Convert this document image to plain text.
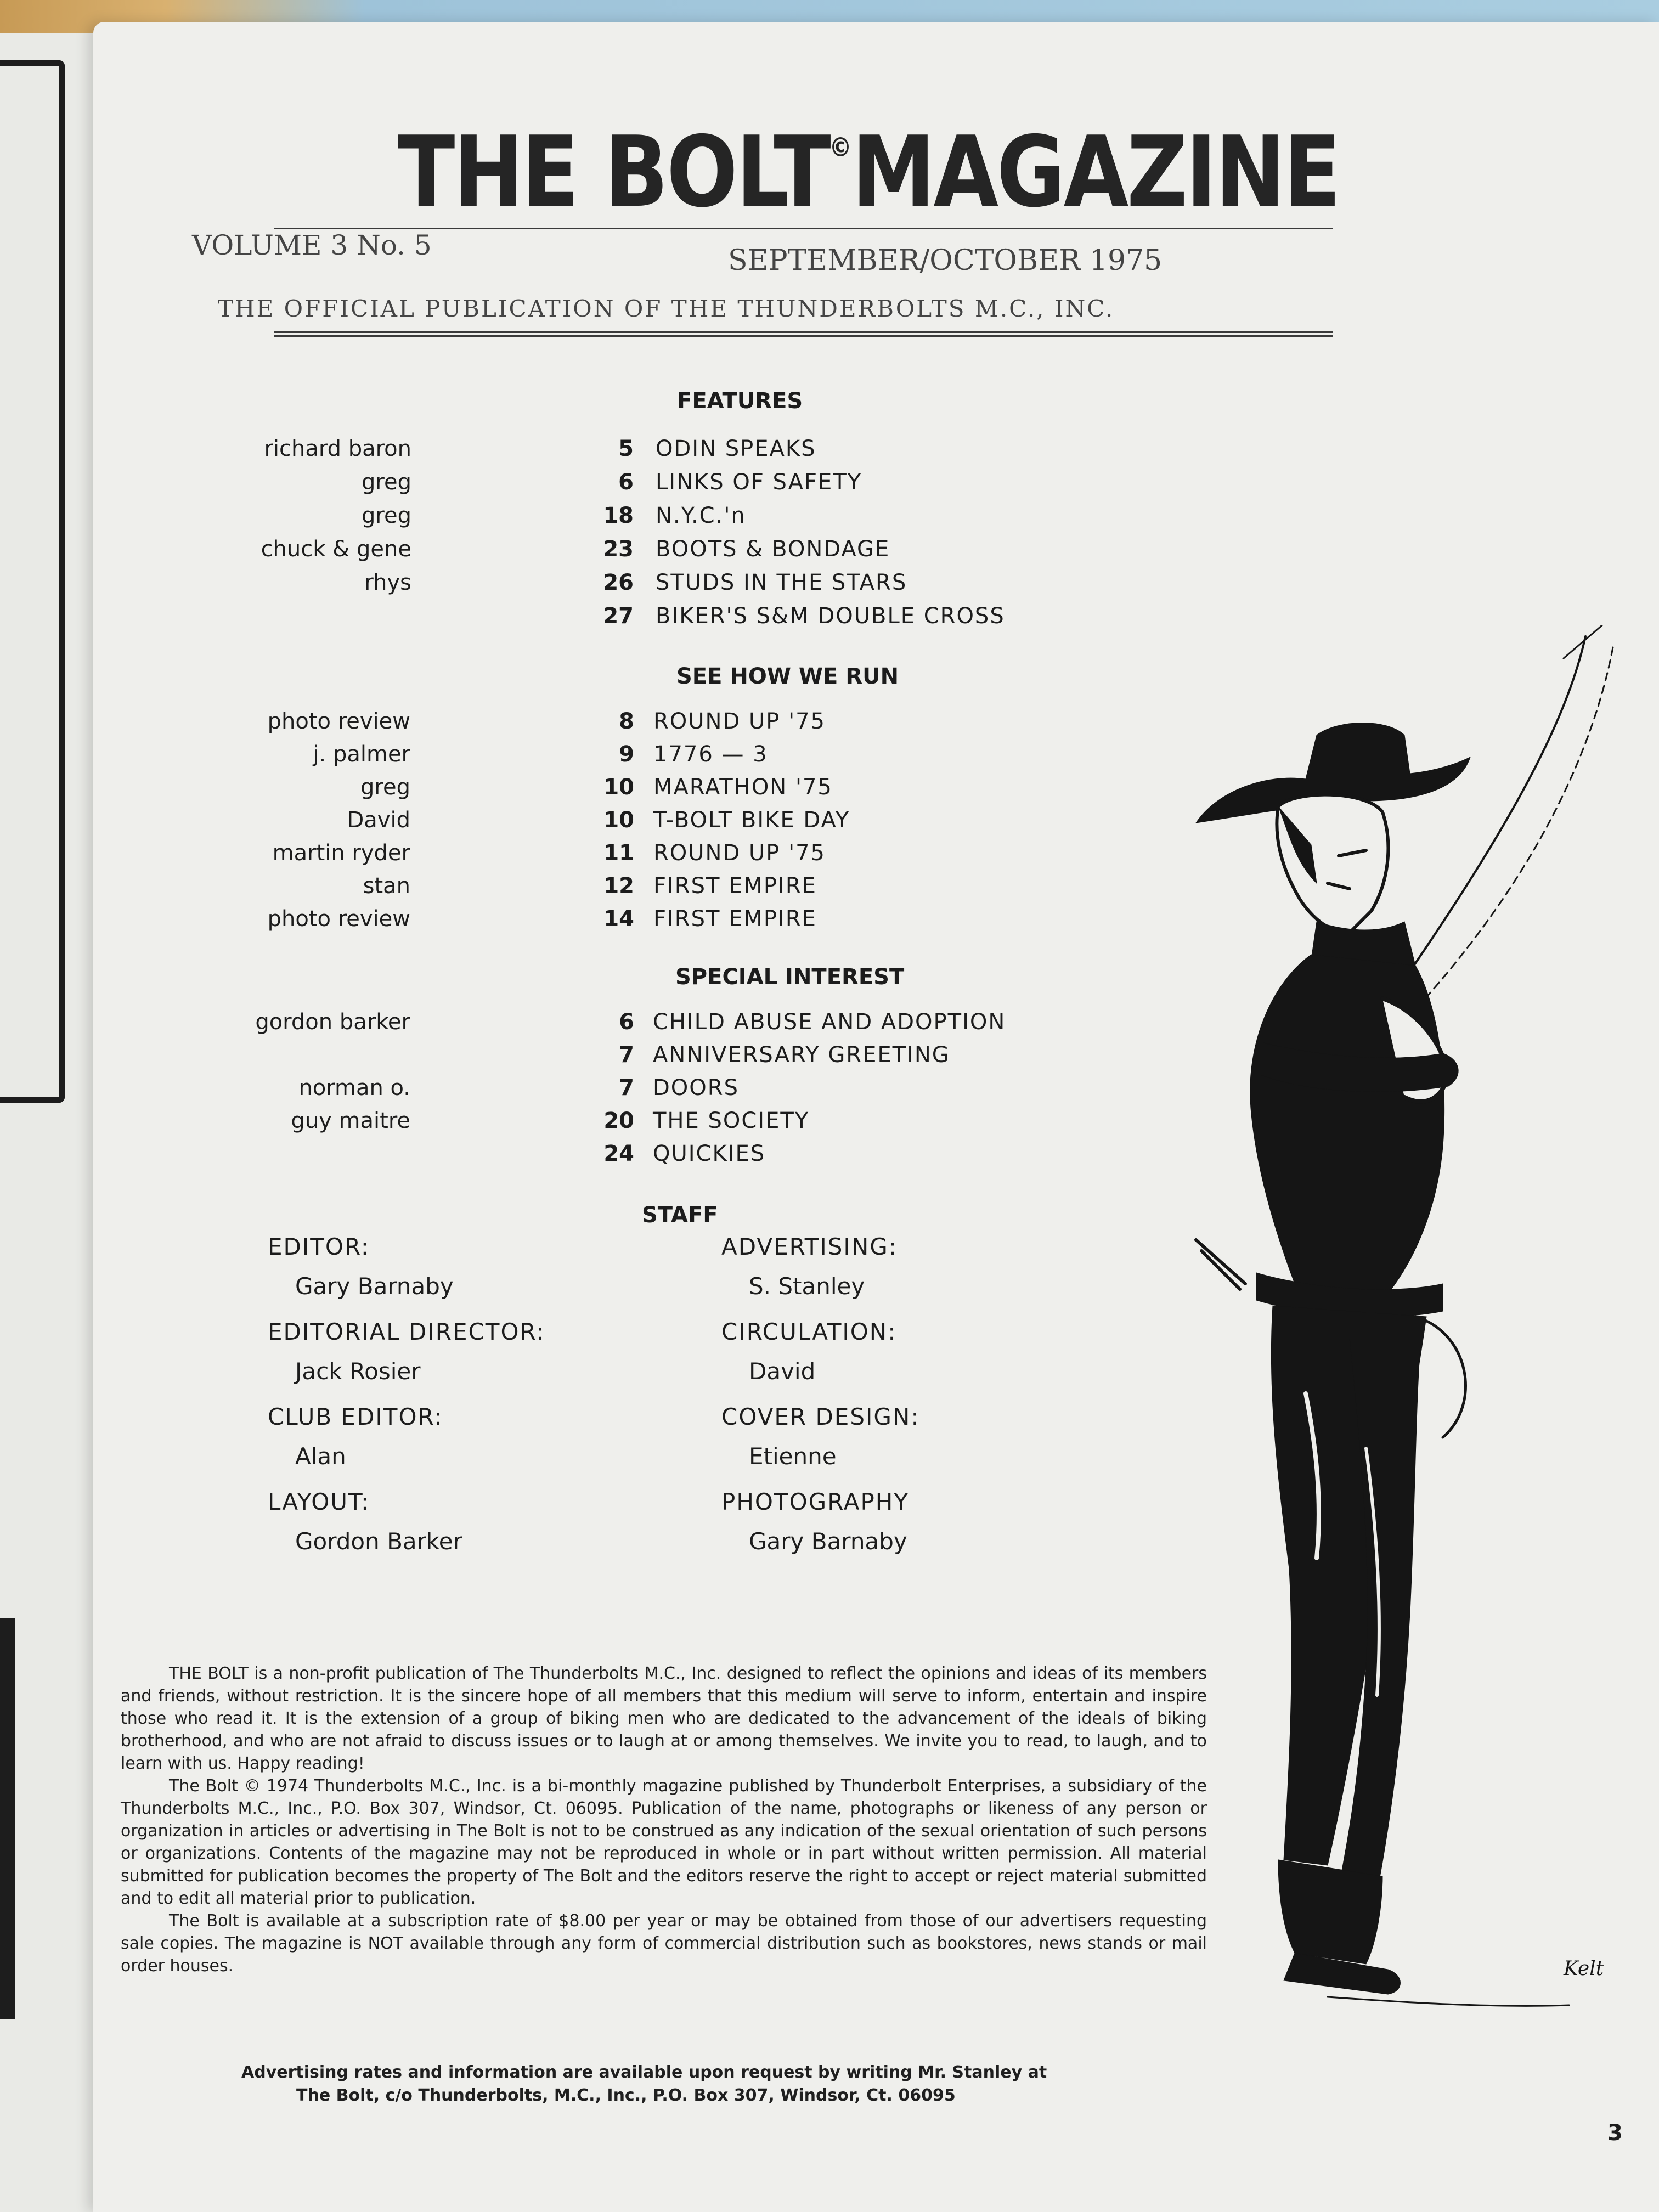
THE BOLT©MAGAZINE
VOLUME 3 No. 5	SEPTEMBER/OCTOBER 1975
THE OFFICIAL PUBLICATION OF THE THUNDERBOLTS M.C., INC.
FEATURES
richard baron	5 ODIN SPEAKS
greg	6 LINKS OF SAFETY
greg	18 N.Y.C.'n
chuck & gene	23 BOOTS & BONDAGE
rhys	26 STUDS IN THE STARS
27 BIKER'S S&M DOUBLE CROSS
SEE HOW WE RUN
photo review	8 ROUND UP '75
j. palmer	9 1776 — 3
greg	10 MARATHON '75
David	10 T-BOLT BIKE DAY
martin ryder	11 ROUND UP '75
stan	12 FIRST EMPIRE
photo review	14 FIRST EMPIRE
SPECIAL INTEREST
gordon barker	6 CHILD ABUSE AND ADOPTION
7 ANNIVERSARY GREETING
norman o.	7 DOORS
guy maitre	20 THE SOCIETY
24 QUICKIES
STAFF
EDITOR:
Gary Barnaby
EDITORIAL DIRECTOR:
Jack Rosier
CLUB EDITOR:
Alan
LAYOUT:
Gordon Barker
ADVERTISING:
S. Stanley
CIRCULATION:
David
COVER DESIGN:
Etienne
PHOTOGRAPHY
Gary Barnaby

THE BOLT is a non-profit publication of The Thunderbolts M.C., Inc. designed to reflect the opinions and ideas of its members and friends, without restriction. It is the sincere hope of all members that this medium will serve to inform, entertain and inspire those who read it. It is the extension of a group of biking men who are dedicated to the advancement of the ideals of biking brotherhood, and who are not afraid to discuss issues or to laugh at or among themselves. We invite you to read, to laugh, and to learn with us. Happy reading!

The Bolt © 1974 Thunderbolts M.C., Inc. is a bi-monthly magazine published by Thunderbolt Enterprises, a subsidiary of the Thunderbolts M.C., Inc., P.O. Box 307, Windsor, Ct. 06095. Publication of the name, photographs or likeness of any person or organization in articles or advertising in The Bolt is not to be construed as any indication of the sexual orientation of such persons or organizations. Contents of the magazine may not be reproduced in whole or in part without written permission. All material submitted for publication becomes the property of The Bolt and the editors reserve the right to accept or reject material submitted and to edit all material prior to publication.

The Bolt is available at a subscription rate of $8.00 per year or may be obtained from those of our advertisers requesting sale copies. The magazine is NOT available through any form of commercial distribution such as bookstores, news stands or mail order houses.

Advertising rates and information are available upon request by writing Mr. Stanley at
The Bolt, c/o Thunderbolts, M.C., Inc., P.O. Box 307, Windsor, Ct. 06095
3
Kelt
